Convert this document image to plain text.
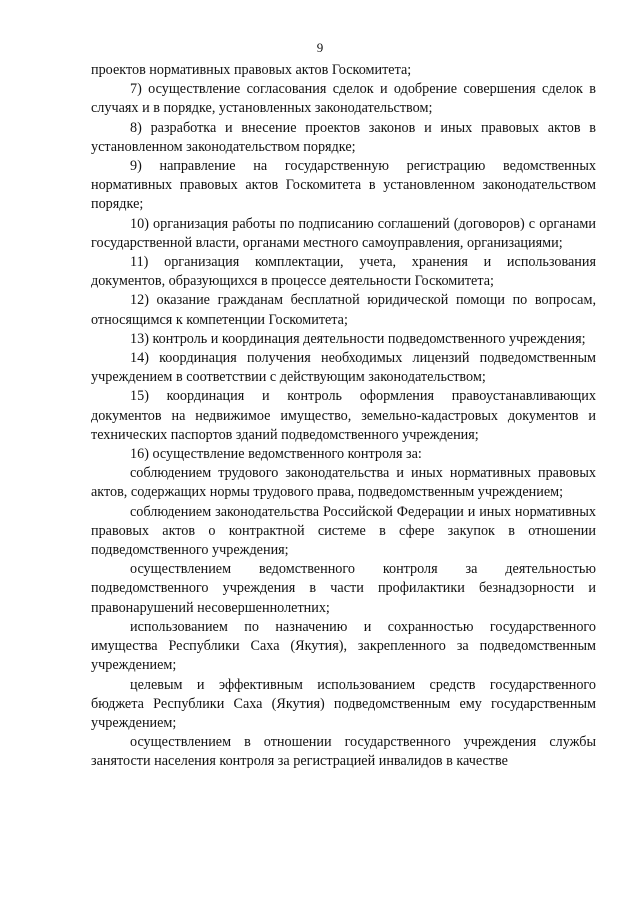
9

проектов нормативных правовых актов Госкомитета;

7) осуществление согласования сделок и одобрение совершения сделок в случаях и в порядке, установленных законодательством;

8) разработка и внесение проектов законов и иных правовых актов в установленном законодательством порядке;

9) направление на государственную регистрацию ведомственных нормативных правовых актов Госкомитета в установленном законодательством порядке;

10) организация работы по подписанию соглашений (договоров) с органами государственной власти, органами местного самоуправления, организациями;

11) организация комплектации, учета, хранения и использования документов, образующихся в процессе деятельности Госкомитета;

12) оказание гражданам бесплатной юридической помощи по вопросам, относящимся к компетенции Госкомитета;

13) контроль и координация деятельности подведомственного учреждения;

14) координация получения необходимых лицензий подведомственным учреждением в соответствии с действующим законодательством;

15) координация и контроль оформления правоустанавливающих документов на недвижимое имущество, земельно-кадастровых документов и технических паспортов зданий подведомственного учреждения;

16) осуществление ведомственного контроля за:

соблюдением трудового законодательства и иных нормативных правовых актов, содержащих нормы трудового права, подведомственным учреждением;

соблюдением законодательства Российской Федерации и иных нормативных правовых актов о контрактной системе в сфере закупок в отношении подведомственного учреждения;

осуществлением ведомственного контроля за деятельностью подведомственного учреждения в части профилактики безнадзорности и правонарушений несовершеннолетних;

использованием по назначению и сохранностью государственного имущества Республики Саха (Якутия), закрепленного за подведомственным учреждением;

целевым и эффективным использованием средств государственного бюджета Республики Саха (Якутия) подведомственным ему государственным учреждением;

осуществлением в отношении государственного учреждения службы занятости населения контроля за регистрацией инвалидов в качестве
